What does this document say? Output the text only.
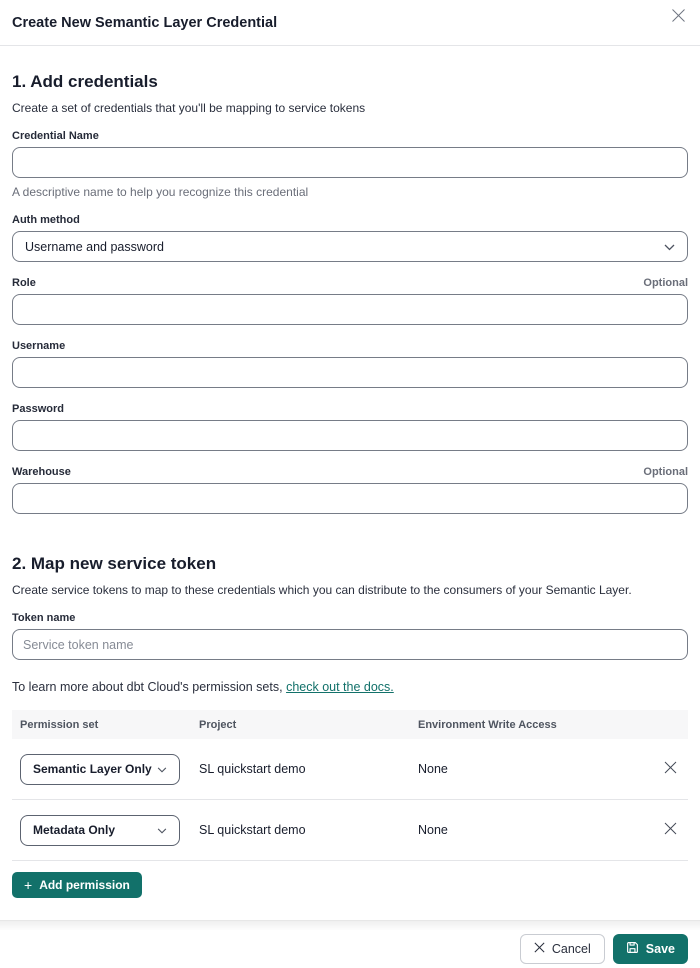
Create New Semantic Layer Credential
1. Add credentials
Create a set of credentials that you'll be mapping to service tokens
Credential Name
A descriptive name to help you recognize this credential
Auth method
Username and password
Role	Optional
Username
Password
Warehouse	Optional
2. Map new service token
Create service tokens to map to these credentials which you can distribute to the consumers of your Semantic Layer.
Token name
Service token name
To learn more about dbt Cloud's permission sets, check out the docs.
Permission set	Project	Environment Write Access
Semantic Layer Only	SL quickstart demo	None
Metadata Only	SL quickstart demo	None
+ Add permission
Cancel	Save
